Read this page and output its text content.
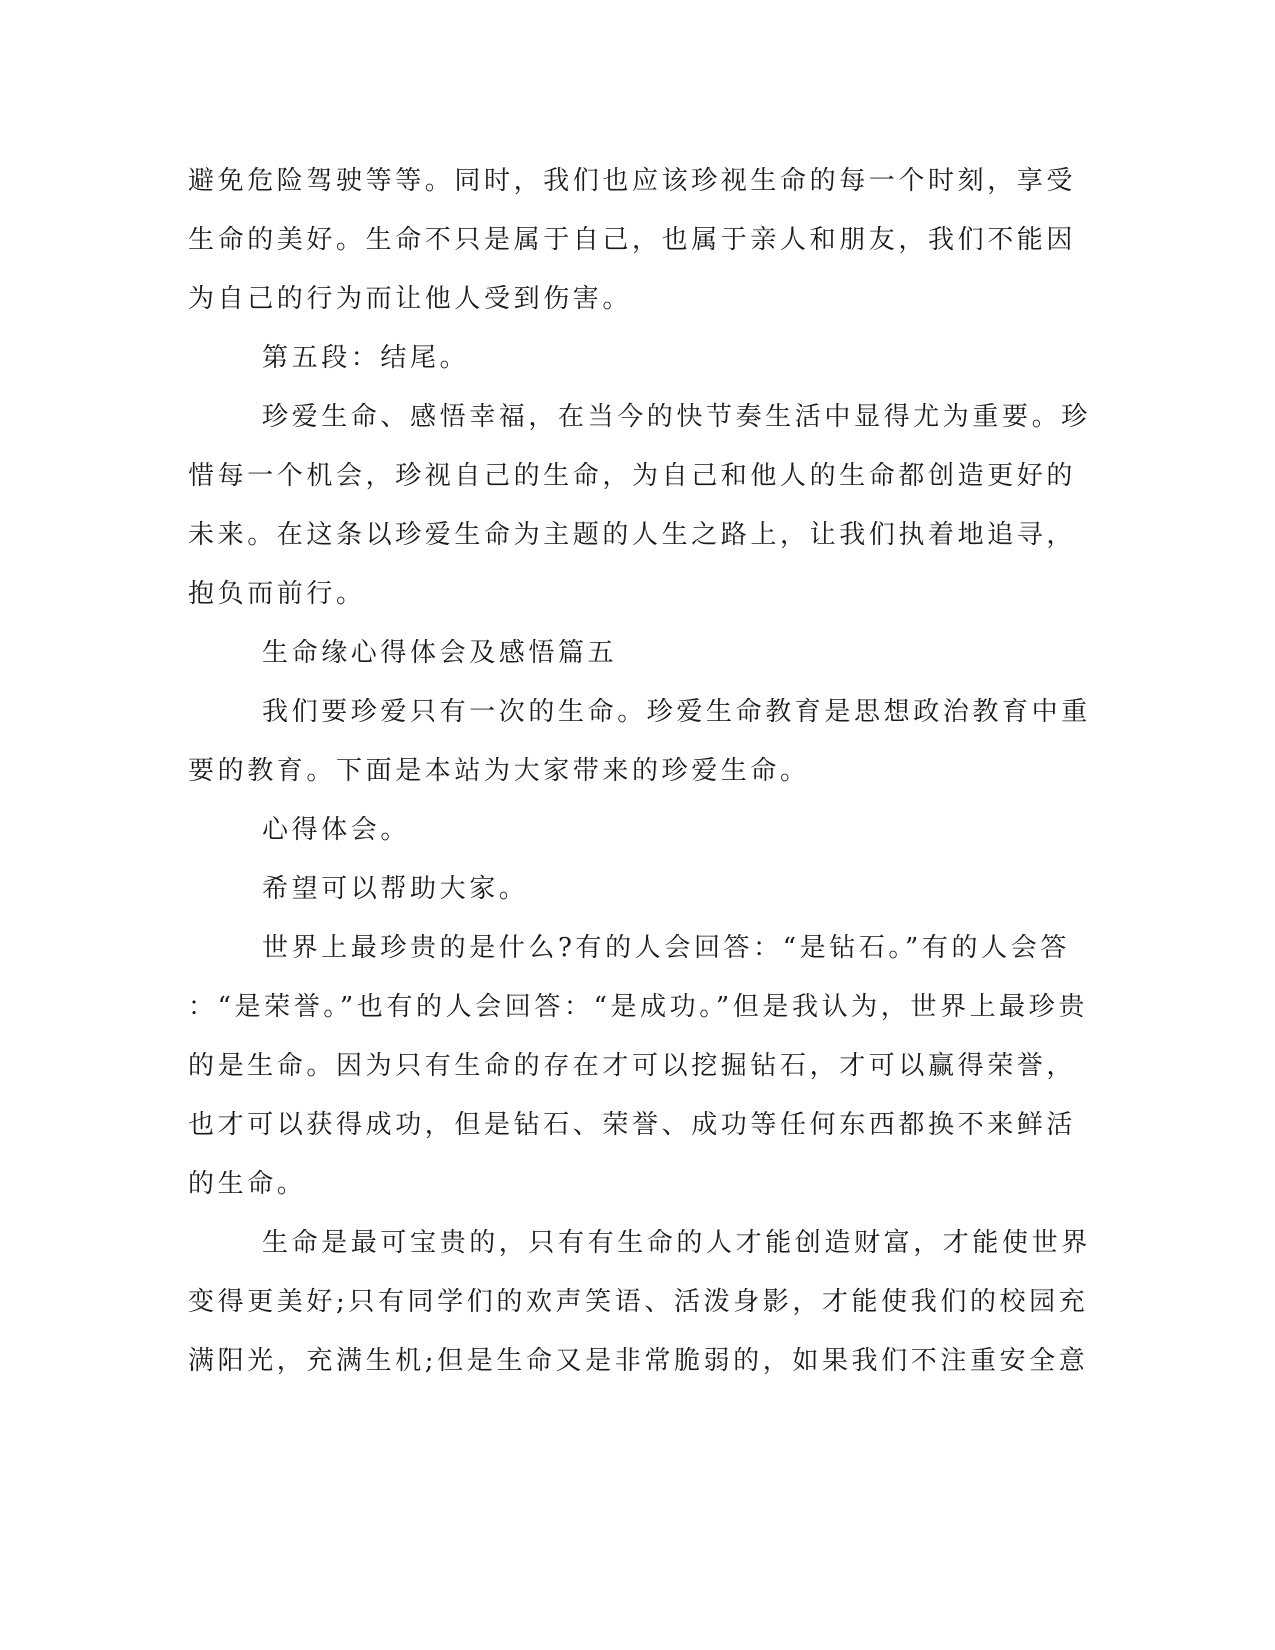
避免危险驾驶等等。同时，我们也应该珍视生命的每一个时刻，享受
生命的美好。生命不只是属于自己，也属于亲人和朋友，我们不能因
为自己的行为而让他人受到伤害。
第五段：结尾。
珍爱生命、感悟幸福，在当今的快节奏生活中显得尤为重要。珍
惜每一个机会，珍视自己的生命，为自己和他人的生命都创造更好的
未来。在这条以珍爱生命为主题的人生之路上，让我们执着地追寻，
抱负而前行。
生命缘心得体会及感悟篇五
我们要珍爱只有一次的生命。珍爱生命教育是思想政治教育中重
要的教育。下面是本站为大家带来的珍爱生命。
心得体会。
希望可以帮助大家。
世界上最珍贵的是什么?有的人会回答：“是钻石。”有的人会答
：“是荣誉。”也有的人会回答：“是成功。”但是我认为，世界上最珍贵
的是生命。因为只有生命的存在才可以挖掘钻石，才可以赢得荣誉，
也才可以获得成功，但是钻石、荣誉、成功等任何东西都换不来鲜活
的生命。
生命是最可宝贵的，只有有生命的人才能创造财富，才能使世界
变得更美好;只有同学们的欢声笑语、活泼身影，才能使我们的校园充
满阳光，充满生机;但是生命又是非常脆弱的，如果我们不注重安全意
